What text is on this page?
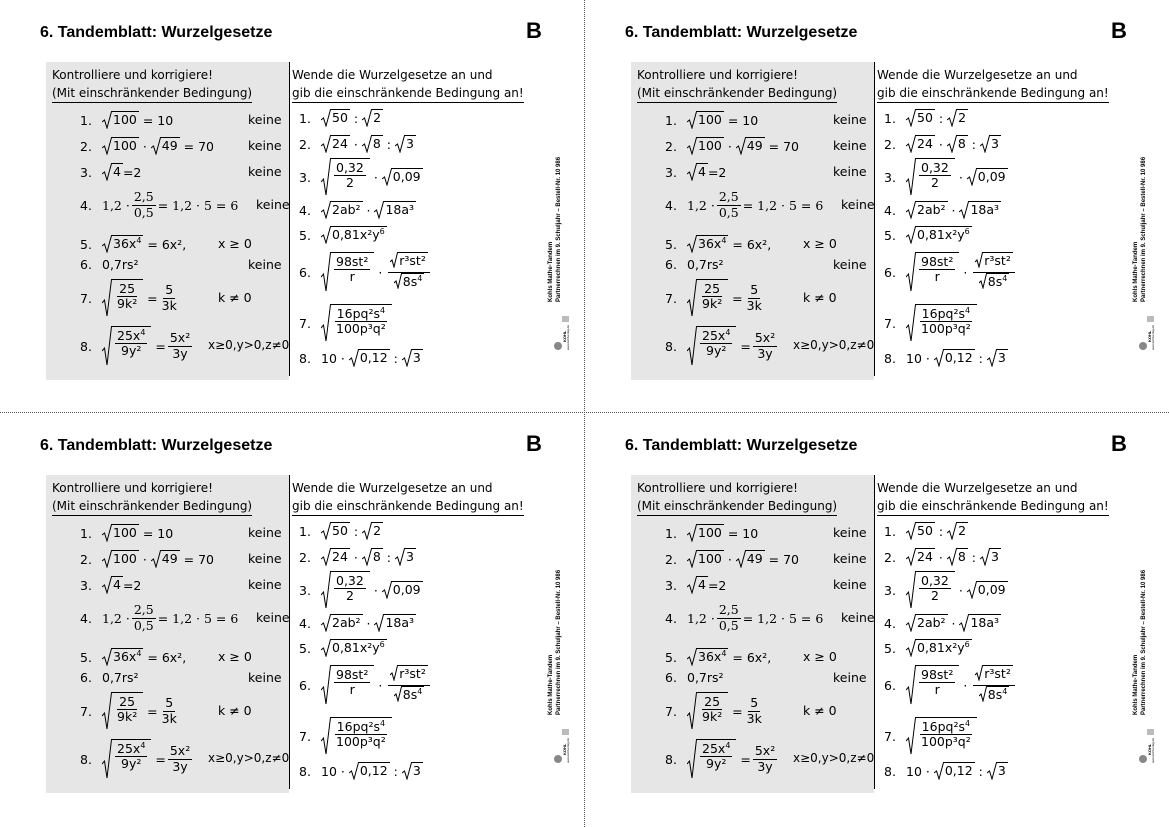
6. Tandemblatt: Wurzelgesetze	B
Kontrolliere und korrigiere!
(Mit einschränkender Bedingung)
Wende die Wurzelgesetze an und
gib die einschränkende Bedingung an!
1.	100 = 10	keine
2.	100 · 49 = 70	keine
3.	4 =2	keine
4. $1,2 \cdot \frac{2,5}{0,5} = 1,2 \cdot 5 = 6$ keine
5.	$36x^4 = 6x^2$,	x ≥ 0
6. 0,7rs²	keine
7.	$\frac{25}{\text{9k²}} = \frac{5}{3k}$	k ≠ 0
8.	$\frac{25x^4}{\text{9y²}} = \frac{\text{5x²}}{3y} x\ge 0,y>0,z\ne 0$
1.	50 : 2
2.	24 · 8 : 3
3.	$\frac{0,32}{2} \cdot 0,09$
4.	2ab² · 18a³
5.	$0,81x^2y^6$
6.	$\frac{\text{98st²}}{r}$ ·
r³st²
$8s^4$
7.	$\frac{16pq^2s^4}{\text{100p³q²}}$
8. 10 · 0,12 : 3
Kohls Mathe-Tandem Partnerrechnen im 9. Schuljahr – Bestell-Nr. 10 986
KOHL www.kohlverlag.de
6. Tandemblatt: Wurzelgesetze	B
Kontrolliere und korrigiere!
(Mit einschränkender Bedingung)
Wende die Wurzelgesetze an und
gib die einschränkende Bedingung an!
1.	100 = 10	keine
2.	100 · 49 = 70	keine
3.	4 =2	keine
4. $1,2 \cdot \frac{2,5}{0,5} = 1,2 \cdot 5 = 6$ keine
5.	$36x^4 = 6x^2$,	x ≥ 0
6. 0,7rs²	keine
7.	$\frac{25}{\text{9k²}} = \frac{5}{3k}$	k ≠ 0
8.	$\frac{25x^4}{\text{9y²}} = \frac{\text{5x²}}{3y} x\ge 0,y>0,z\ne 0$
1.	50 : 2
2.	24 · 8 : 3
3.	$\frac{0,32}{2} \cdot 0,09$
4.	2ab² · 18a³
5.	$0,81x^2y^6$
6.	$\frac{\text{98st²}}{r}$ ·
r³st²
$8s^4$
7.	$\frac{16pq^2s^4}{\text{100p³q²}}$
8. 10 · 0,12 : 3
Kohls Mathe-Tandem Partnerrechnen im 9. Schuljahr – Bestell-Nr. 10 986
KOHL www.kohlverlag.de
6. Tandemblatt: Wurzelgesetze	B
Kontrolliere und korrigiere!
(Mit einschränkender Bedingung)
Wende die Wurzelgesetze an und
gib die einschränkende Bedingung an!
1.	100 = 10	keine
2.	100 · 49 = 70	keine
3.	4 =2	keine
4. $1,2 \cdot \frac{2,5}{0,5} = 1,2 \cdot 5 = 6$ keine
5.	$36x^4 = 6x^2$,	x ≥ 0
6. 0,7rs²	keine
7.	$\frac{25}{\text{9k²}} = \frac{5}{3k}$	k ≠ 0
8.	$\frac{25x^4}{\text{9y²}} = \frac{\text{5x²}}{3y} x\ge 0,y>0,z\ne 0$
1.	50 : 2
2.	24 · 8 : 3
3.	$\frac{0,32}{2} \cdot 0,09$
4.	2ab² · 18a³
5.	$0,81x^2y^6$
6.	$\frac{\text{98st²}}{r}$ ·
r³st²
$8s^4$
7.	$\frac{16pq^2s^4}{\text{100p³q²}}$
8. 10 · 0,12 : 3
Kohls Mathe-Tandem Partnerrechnen im 9. Schuljahr – Bestell-Nr. 10 986
KOHL www.kohlverlag.de
6. Tandemblatt: Wurzelgesetze	B
Kontrolliere und korrigiere!
(Mit einschränkender Bedingung)
Wende die Wurzelgesetze an und
gib die einschränkende Bedingung an!
1.	100 = 10	keine
2.	100 · 49 = 70	keine
3.	4 =2	keine
4. $1,2 \cdot \frac{2,5}{0,5} = 1,2 \cdot 5 = 6$ keine
5.	$36x^4 = 6x^2$,	x ≥ 0
6. 0,7rs²	keine
7.	$\frac{25}{\text{9k²}} = \frac{5}{3k}$	k ≠ 0
8.	$\frac{25x^4}{\text{9y²}} = \frac{\text{5x²}}{3y} x\ge 0,y>0,z\ne 0$
1.	50 : 2
2.	24 · 8 : 3
3.	$\frac{0,32}{2} \cdot 0,09$
4.	2ab² · 18a³
5.	$0,81x^2y^6$
6.	$\frac{\text{98st²}}{r}$ ·
r³st²
$8s^4$
7.	$\frac{16pq^2s^4}{\text{100p³q²}}$
8. 10 · 0,12 : 3
Kohls Mathe-Tandem Partnerrechnen im 9. Schuljahr – Bestell-Nr. 10 986
KOHL www.kohlverlag.de
